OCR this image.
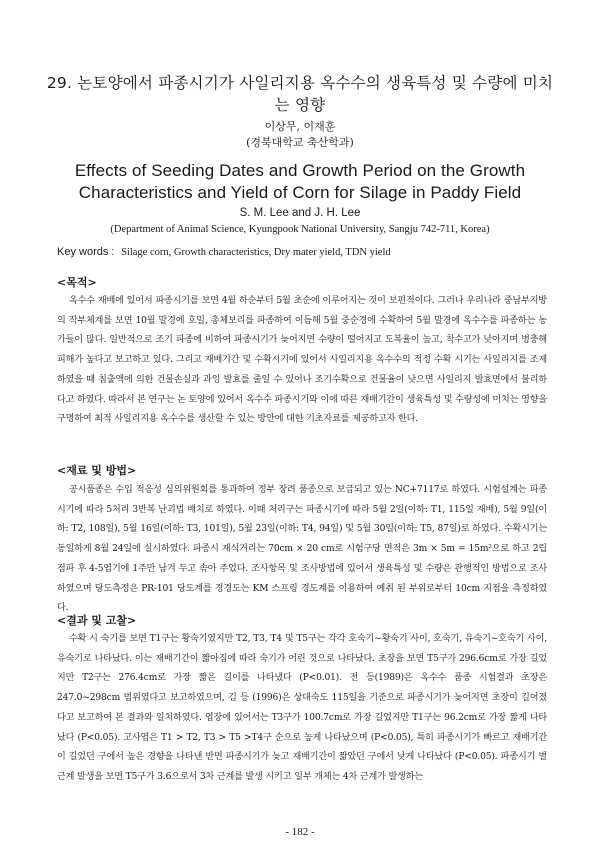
29. 논토양에서 파종시기가 사일리지용 옥수수의 생육특성 및 수량에 미치는 영향
이상무, 이재훈
(경북대학교 축산학과)
Effects of Seeding Dates and Growth Period on the Growth Characteristics and Yield of Corn for Silage in Paddy Field
S. M. Lee and J. H. Lee
(Department of Animal Science, Kyungpook National University, Sangju 742-711, Korea)
Key words : Silage corn, Growth characteristics, Dry mater yield, TDN yield
<목적>
옥수수 재배에 있어서 파종시기를 보면 4월 하순부터 5월 초순에 이루어지는 것이 보편적이다. 그러나 우리나라 중남부지방의 작부체계를 보면 10월 말경에 호밀, 총체보리를 파종하여 이듬해 5월 중순경에 수확하여 5월 말경에 옥수수를 파종하는 농가들이 많다. 일반적으로 조기 파종에 비하여 파종시기가 늦어지면 수량이 떨어지고 도복율이 높고, 착수고가 낮아지며 병충해 피해가 높다고 보고하고 있다. 그리고 재배기간 및 수확시기에 있어서 사일리지용 옥수수의 적정 수확 시기는 사일리지를 조제 하였을 때 침출액에 의한 건물손실과 과잉 발효를 줄일 수 있어나 조기수확으로 건물율이 낮으면 사일리지 발효면에서 불리하다고 하였다. 따라서 본 연구는 논 토양에 있어서 옥수수 파종시기와 이에 따른 재배기간이 생육특성 및 수량성에 미치는 영향을 구명하여 최적 사일리지용 옥수수를 생산할 수 있는 방안에 대한 기초자료를 제공하고자 한다.
<재료 및 방법>
공시품종은 수입 적응성 심의위원회를 통과하여 정부 장려 품종으로 보급되고 있는 NC+7117로 하였다. 시험설계는 파종시기에 따라 5처리 3반복 난괴법 배치로 하였다. 이때 처리구는 파종시기에 따라 5월 2일(이하: T1, 115일 재배), 5월 9일(이하: T2, 108일), 5월 16일(이하: T3, 101일), 5월 23일(이하: T4, 94일) 및 5월 30일(이하: T5, 87일)로 하였다. 수확시기는 동일하게 8월 24일에 실시하였다. 파종시 재식거리는 70cm × 20 cm로 시험구당 면적은 3m × 5m = 15m²으로 하고 2립 점파 후 4-5엽기에 1주만 남겨 두고 솎아 주었다. 조사항목 및 조사방법에 있어서 생육특성 및 수량은 관행적인 방법으로 조사하였으며 당도측정은 PR-101 당도계를 경경도는 KM 스프링 경도계를 이용하여 예취 된 부위로부터 10cm 지점을 측정하였다.
<결과 및 고찰>
수확 시 숙기를 보면 T1구는 황숙기였지만 T2, T3, T4 및 T5구는 각각 호숙기~황숙기 사이, 호숙기, 유숙기~호숙기 사이, 유숙기로 나타났다. 이는 재배기간이 짧아짐에 따라 숙기가 어린 것으로 나타났다. 초장을 보면 T5구가 296.6cm로 가장 길었지만 T2구는 276.4cm로 가장 짧은 길이를 나타냈다 (P<0.01). 전 등(1989)은 옥수수 품종 시험결과 초장은 247.0~298cm 범위였다고 보고하였으며, 김 등 (1996)은 상대숙도 115일을 기준으로 파종시기가 늦어지면 초장이 길어졌다고 보고하여 본 결과와 일치하였다. 엽장에 있어서는 T3구가 100.7cm로 가장 길었지만 T1구는 96.2cm로 가장 짧게 나타났다 (P<0.05). 고사엽은 T1 > T2, T3 > T5 >T4구 순으로 높게 나타났으며 (P<0.05), 특히 파종시기가 빠르고 재배기간이 길었던 구에서 높은 경향을 나타낸 반면 파종시기가 늦고 재배기간이 짧았던 구에서 낮게 나타났다 (P<0.05). 파종시기 별 근계 발생을 보면 T5구가 3.6으로서 3차 근계를 발생 시키고 일부 개체는 4차 근계가 발생하는
- 182 -
